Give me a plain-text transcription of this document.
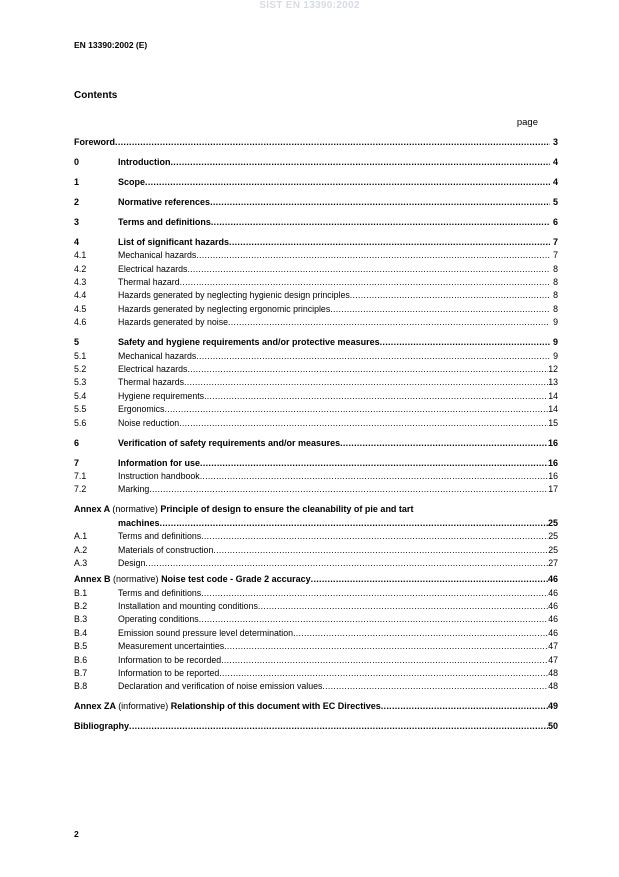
SIST EN 13390:2002
EN 13390:2002 (E)
Contents
page
Foreword .....	3
0	Introduction .....	4
1	Scope .....	4
2	Normative references .....	5
3	Terms and definitions .....	6
4	List of significant hazards .....	7
4.1	Mechanical hazards .....	7
4.2	Electrical hazards .....	8
4.3	Thermal hazard .....	8
4.4	Hazards generated by neglecting hygienic design principles .....	8
4.5	Hazards generated by neglecting ergonomic principles .....	8
4.6	Hazards generated by noise .....	9
5	Safety and hygiene requirements and/or protective measures .....	9
5.1	Mechanical hazards .....	9
5.2	Electrical hazards .....	12
5.3	Thermal hazards .....	13
5.4	Hygiene requirements .....	14
5.5	Ergonomics .....	14
5.6	Noise reduction .....	15
6	Verification of safety requirements and/or measures .....	16
7	Information for use .....	16
7.1	Instruction handbook .....	16
7.2	Marking .....	17
Annex A (normative) Principle of design to ensure the cleanability of pie and tart
machines .....	25
A.1	Terms and definitions .....	25
A.2	Materials of construction .....	25
A.3	Design .....	27
Annex B (normative) Noise test code - Grade 2 accuracy .....	46
B.1	Terms and definitions .....	46
B.2	Installation and mounting conditions .....	46
B.3	Operating conditions .....	46
B.4	Emission sound pressure level determination .....	46
B.5	Measurement uncertainties .....	47
B.6	Information to be recorded .....	47
B.7	Information to be reported .....	48
B.8	Declaration and verification of noise emission values .....	48
Annex ZA (informative) Relationship of this document with EC Directives .....	49
Bibliography .....	50
2
